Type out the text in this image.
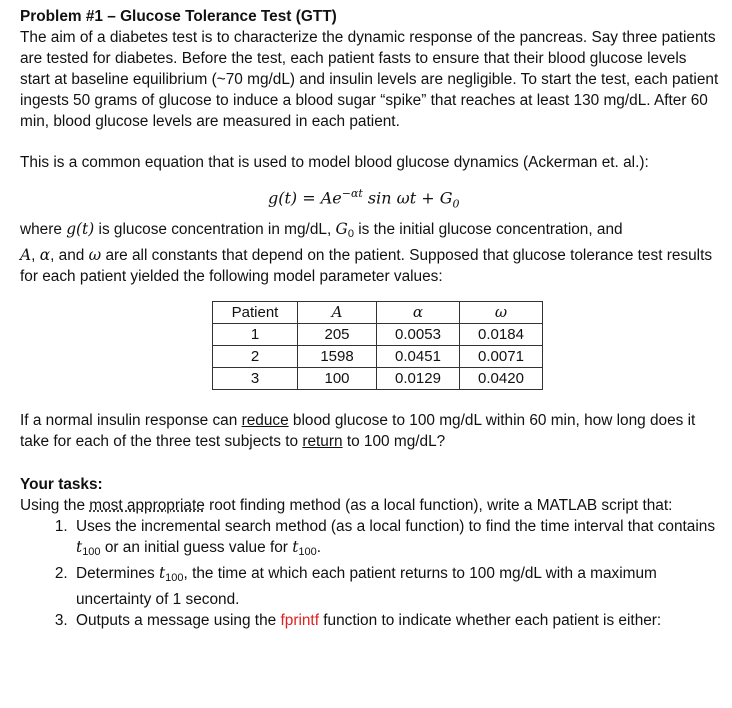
Problem #1 – Glucose Tolerance Test (GTT)

The aim of a diabetes test is to characterize the dynamic response of the pancreas. Say three patients are tested for diabetes. Before the test, each patient fasts to ensure that their blood glucose levels start at baseline equilibrium (~70 mg/dL) and insulin levels are negligible. To start the test, each patient ingests 50 grams of glucose to induce a blood sugar “spike” that reaches at least 130 mg/dL. After 60 min, blood glucose levels are measured in each patient.

This is a common equation that is used to model blood glucose dynamics (Ackerman et. al.):

$g(t) = Ae^{-\alpha t}$ $\sin \omega t + G_0$

where g(t) is glucose concentration in mg/dL, $G_0$ is the initial glucose concentration, and
A, α, and ω are all constants that depend on the patient. Supposed that glucose tolerance test results for each patient yielded the following model parameter values:

Patient	A	α	ω
1	205	0.0053	0.0184
2	1598	0.0451	0.0071
3	100	0.0129	0.0420

If a normal insulin response can reduce blood glucose to 100 mg/dL within 60 min, how long does it take for each of the three test subjects to return to 100 mg/dL?

Your tasks:

Using the most appropriate root finding method (as a local function), write a MATLAB script that:

1. Uses the incremental search method (as a local function) to find the time interval that contains $t_{100}$ or an initial guess value for $t_{100}$.
2. Determines $t_{100}$, the time at which each patient returns to 100 mg/dL with a maximum uncertainty of 1 second.
3. Outputs a message using the fprintf function to indicate whether each patient is either:
